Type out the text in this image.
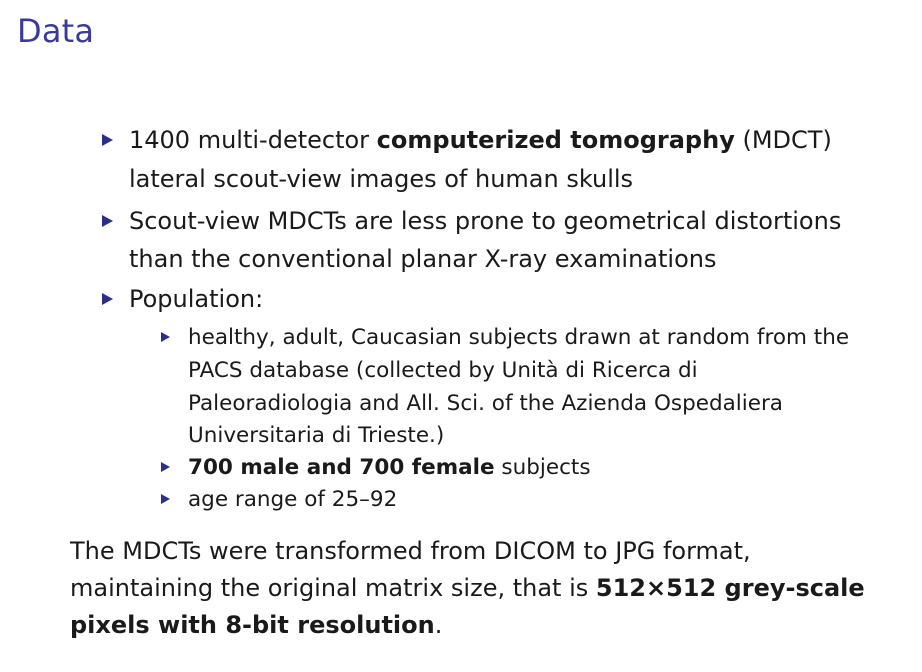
Data
1400 multi-detector computerized tomography (MDCT)
lateral scout-view images of human skulls
Scout-view MDCTs are less prone to geometrical distortions
than the conventional planar X-ray examinations
Population:
healthy, adult, Caucasian subjects drawn at random from the
PACS database (collected by Unità di Ricerca di
Paleoradiologia and All. Sci. of the Azienda Ospedaliera
Universitaria di Trieste.)
700 male and 700 female subjects
age range of 25–92
The MDCTs were transformed from DICOM to JPG format,
maintaining the original matrix size, that is 512×512 grey-scale
pixels with 8-bit resolution.
